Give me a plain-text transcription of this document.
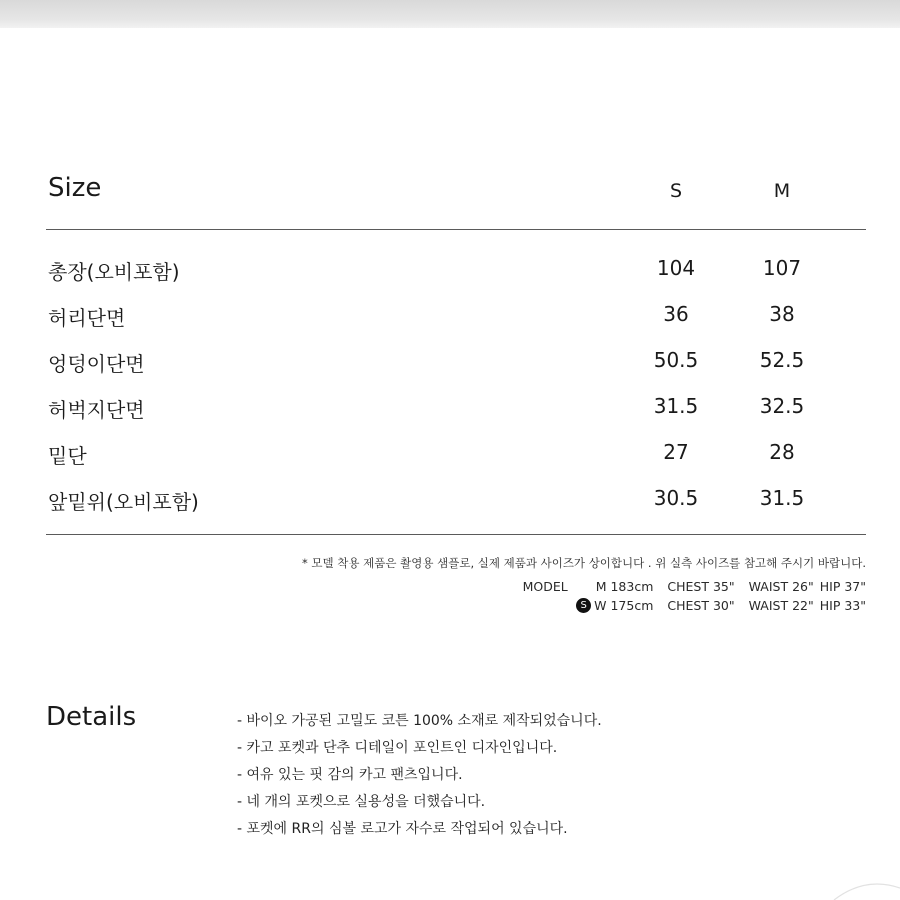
Size	S	M
총장(오비포함)	104	107
허리단면	36	38
엉덩이단면	50.5	52.5
허벅지단면	31.5	32.5
밑단	27	28
앞밑위(오비포함)	30.5	31.5
* 모델 착용 제품은 촬영용 샘플로, 실제 제품과 사이즈가 상이합니다 . 위 실측 사이즈를 참고해 주시기 바랍니다.
MODEL M 183cm CHEST 35" WAIST 26" HIP 37"
S W 175cm CHEST 30" WAIST 22" HIP 33"
Details	- 바이오 가공된 고밀도 코튼 100% 소재로 제작되었습니다.
- 카고 포켓과 단추 디테일이 포인트인 디자인입니다.
- 여유 있는 핏 감의 카고 팬츠입니다.
- 네 개의 포켓으로 실용성을 더했습니다.
- 포켓에 RR의 심볼 로고가 자수로 작업되어 있습니다.
